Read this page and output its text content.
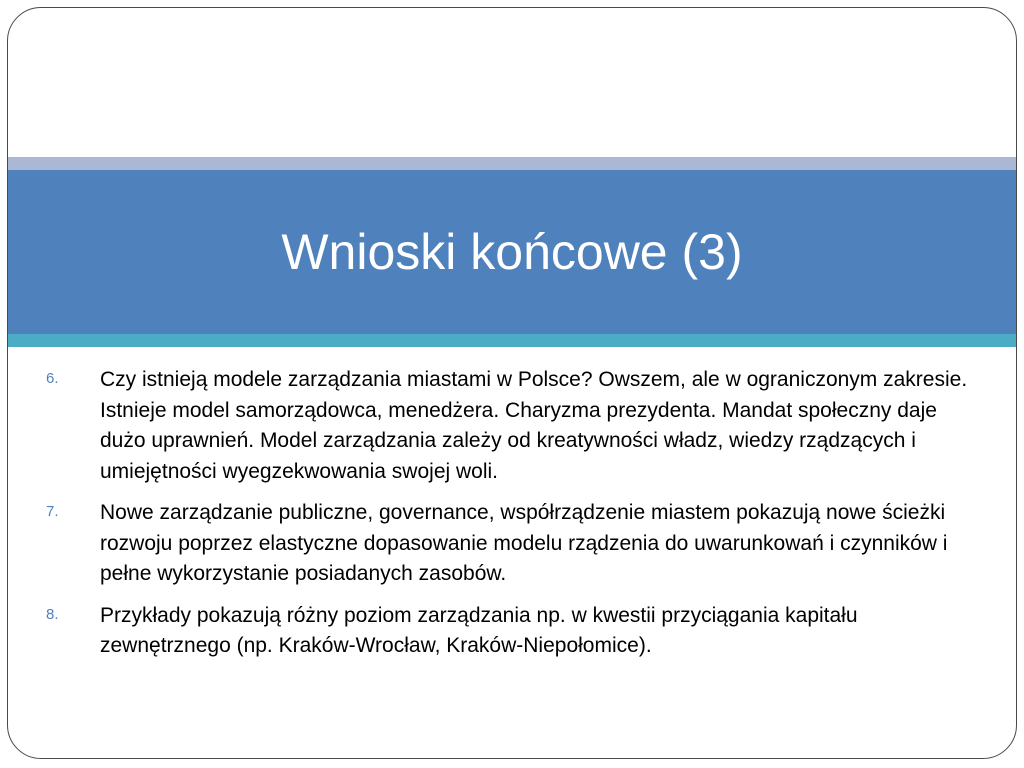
Wnioski końcowe (3)
6. Czy istnieją modele zarządzania miastami w Polsce? Owszem, ale w ograniczonym zakresie. Istnieje model samorządowca, menedżera. Charyzma prezydenta. Mandat społeczny daje dużo uprawnień. Model zarządzania zależy od kreatywności władz, wiedzy rządzących i umiejętności wyegzekwowania swojej woli.
7. Nowe zarządzanie publiczne, governance, współrządzenie miastem pokazują nowe ścieżki rozwoju poprzez elastyczne dopasowanie modelu rządzenia do uwarunkowań i czynników i pełne wykorzystanie posiadanych zasobów.
8. Przykłady pokazują różny poziom zarządzania np. w kwestii przyciągania kapitału zewnętrznego (np. Kraków-Wrocław, Kraków-Niepołomice).
